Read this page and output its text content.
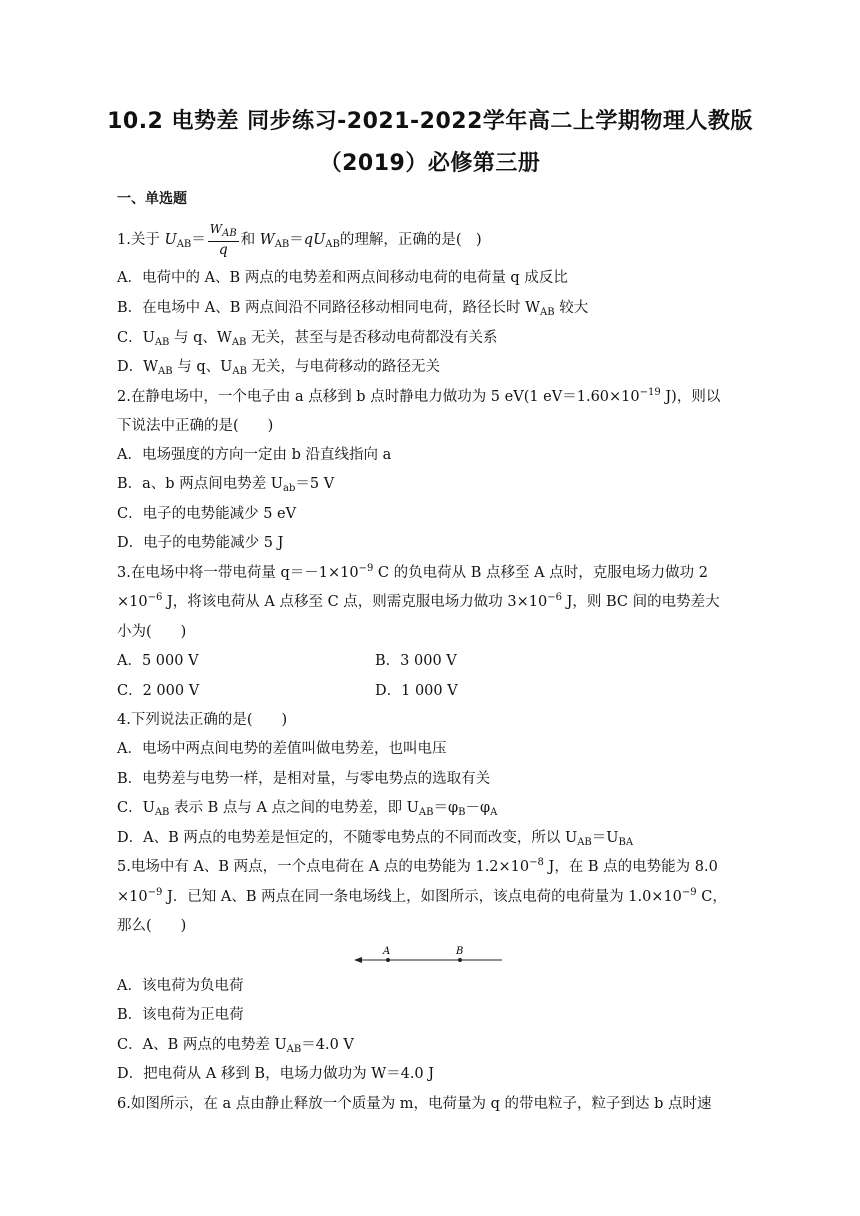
10.2 电势差 同步练习-2021-2022学年高二上学期物理人教版
（2019）必修第三册
一、单选题
1.关于 $U_{AB}= \frac{W_{AB}}{q}$ 和 $W_{AB}=qU_{AB}$的理解，正确的是(　)
A．电荷中的 A、B 两点的电势差和两点间移动电荷的电荷量 q 成反比
B．在电场中 A、B 两点间沿不同路径移动相同电荷，路径长时 $W_{AB}$ 较大
C．$U_{AB}$ 与 q、$W_{AB}$ 无关，甚至与是否移动电荷都没有关系
D．$W_{AB}$ 与 q、$U_{AB}$ 无关，与电荷移动的路径无关
2.在静电场中，一个电子由 a 点移到 b 点时静电力做功为 5 eV(1 $eV=1.60\times 10^{-19}$ J)，则以
下说法中正确的是(　　)
A．电场强度的方向一定由 b 沿直线指向 a
B．a、b 两点间电势差 $U_{ab}=5$ V
C．电子的电势能减少 5 eV
D．电子的电势能减少 5 J
3.在电场中将一带电荷量 $q=-1\times 10^{-9}$ C 的负电荷从 B 点移至 A 点时，克服电场力做功 2
$\times 10^{-6}$ J，将该电荷从 A 点移至 C 点，则需克服电场力做功 $3\times 10^{-6}$ J，则 BC 间的电势差大
小为(　　)
A．5 000 V	B．3 000 V
C．2 000 V	D．1 000 V
4.下列说法正确的是(　　)
A．电场中两点间电势的差值叫做电势差，也叫电压
B．电势差与电势一样，是相对量，与零电势点的选取有关
C．$U_{AB}$ 表示 B 点与 A 点之间的电势差，即 $U_{AB}=\varphi_B-\varphi_A$
D．A、B 两点的电势差是恒定的，不随零电势点的不同而改变，所以 $U_{AB}=U_{BA}$
5.电场中有 A、B 两点，一个点电荷在 A 点的电势能为 $1.2\times 10^{-8}$ J，在 B 点的电势能为 8.0
$\times 10^{-9}$ J．已知 A、B 两点在同一条电场线上，如图所示，该点电荷的电荷量为 $1.0\times 10^{-9}$ C，
那么(　　)
A	B
A．该电荷为负电荷
B．该电荷为正电荷
C．A、B 两点的电势差 $U_{AB}=4.0$ V
D．把电荷从 A 移到 B，电场力做功为 W＝4.0 J
6.如图所示，在 a 点由静止释放一个质量为 m，电荷量为 q 的带电粒子，粒子到达 b 点时速
